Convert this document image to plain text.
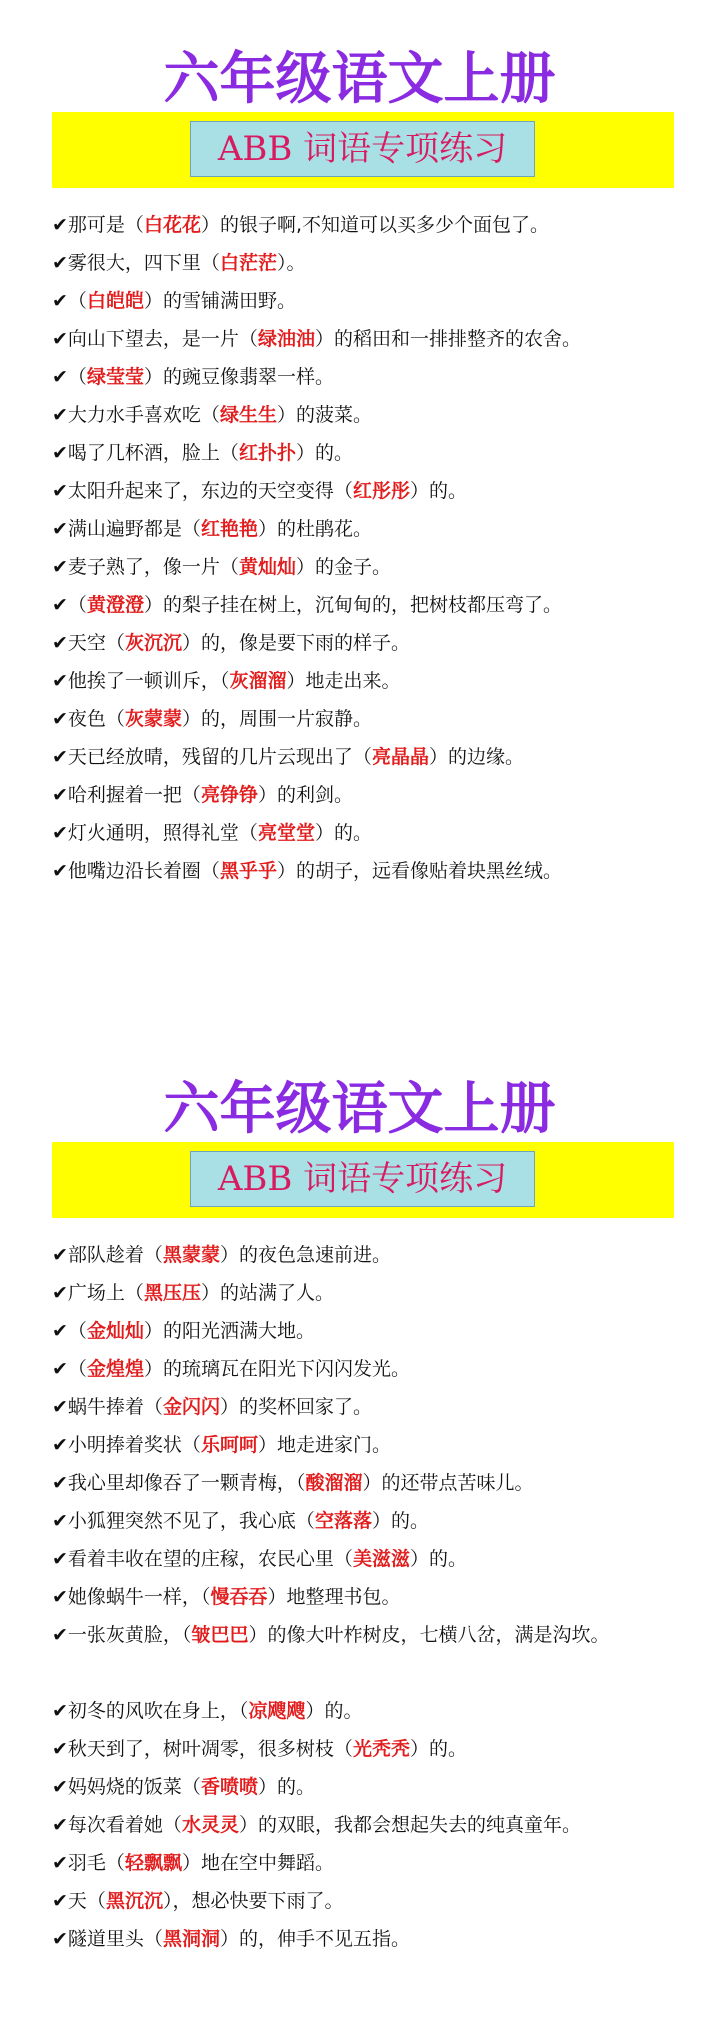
六年级语文上册
ABB 词语专项练习
✔那可是（白花花）的银子啊,不知道可以买多少个面包了。
✔雾很大，四下里（白茫茫）。
✔（白皑皑）的雪铺满田野。
✔向山下望去，是一片（绿油油）的稻田和一排排整齐的农舍。
✔（绿莹莹）的豌豆像翡翠一样。
✔大力水手喜欢吃（绿生生）的菠菜。
✔喝了几杯酒，脸上（红扑扑）的。
✔太阳升起来了，东边的天空变得（红彤彤）的。
✔满山遍野都是（红艳艳）的杜鹃花。
✔麦子熟了，像一片（黄灿灿）的金子。
✔（黄澄澄）的梨子挂在树上，沉甸甸的，把树枝都压弯了。
✔天空（灰沉沉）的，像是要下雨的样子。
✔他挨了一顿训斥，（灰溜溜）地走出来。
✔夜色（灰蒙蒙）的，周围一片寂静。
✔天已经放晴，残留的几片云现出了（亮晶晶）的边缘。
✔哈利握着一把（亮铮铮）的利剑。
✔灯火通明，照得礼堂（亮堂堂）的。
✔他嘴边沿长着圈（黑乎乎）的胡子，远看像贴着块黑丝绒。
六年级语文上册
ABB 词语专项练习
✔部队趁着（黑蒙蒙）的夜色急速前进。
✔广场上（黑压压）的站满了人。
✔（金灿灿）的阳光洒满大地。
✔（金煌煌）的琉璃瓦在阳光下闪闪发光。
✔蜗牛捧着（金闪闪）的奖杯回家了。
✔小明捧着奖状（乐呵呵）地走进家门。
✔我心里却像吞了一颗青梅，（酸溜溜）的还带点苦味儿。
✔小狐狸突然不见了，我心底（空落落）的。
✔看着丰收在望的庄稼，农民心里（美滋滋）的。
✔她像蜗牛一样，（慢吞吞）地整理书包。
✔一张灰黄脸，（皱巴巴）的像大叶柞树皮，七横八岔，满是沟坎。
✔初冬的风吹在身上，（凉飕飕）的。
✔秋天到了，树叶凋零，很多树枝（光秃秃）的。
✔妈妈烧的饭菜（香喷喷）的。
✔每次看着她（水灵灵）的双眼，我都会想起失去的纯真童年。
✔羽毛（轻飘飘）地在空中舞蹈。
✔天（黑沉沉），想必快要下雨了。
✔隧道里头（黑洞洞）的，伸手不见五指。
